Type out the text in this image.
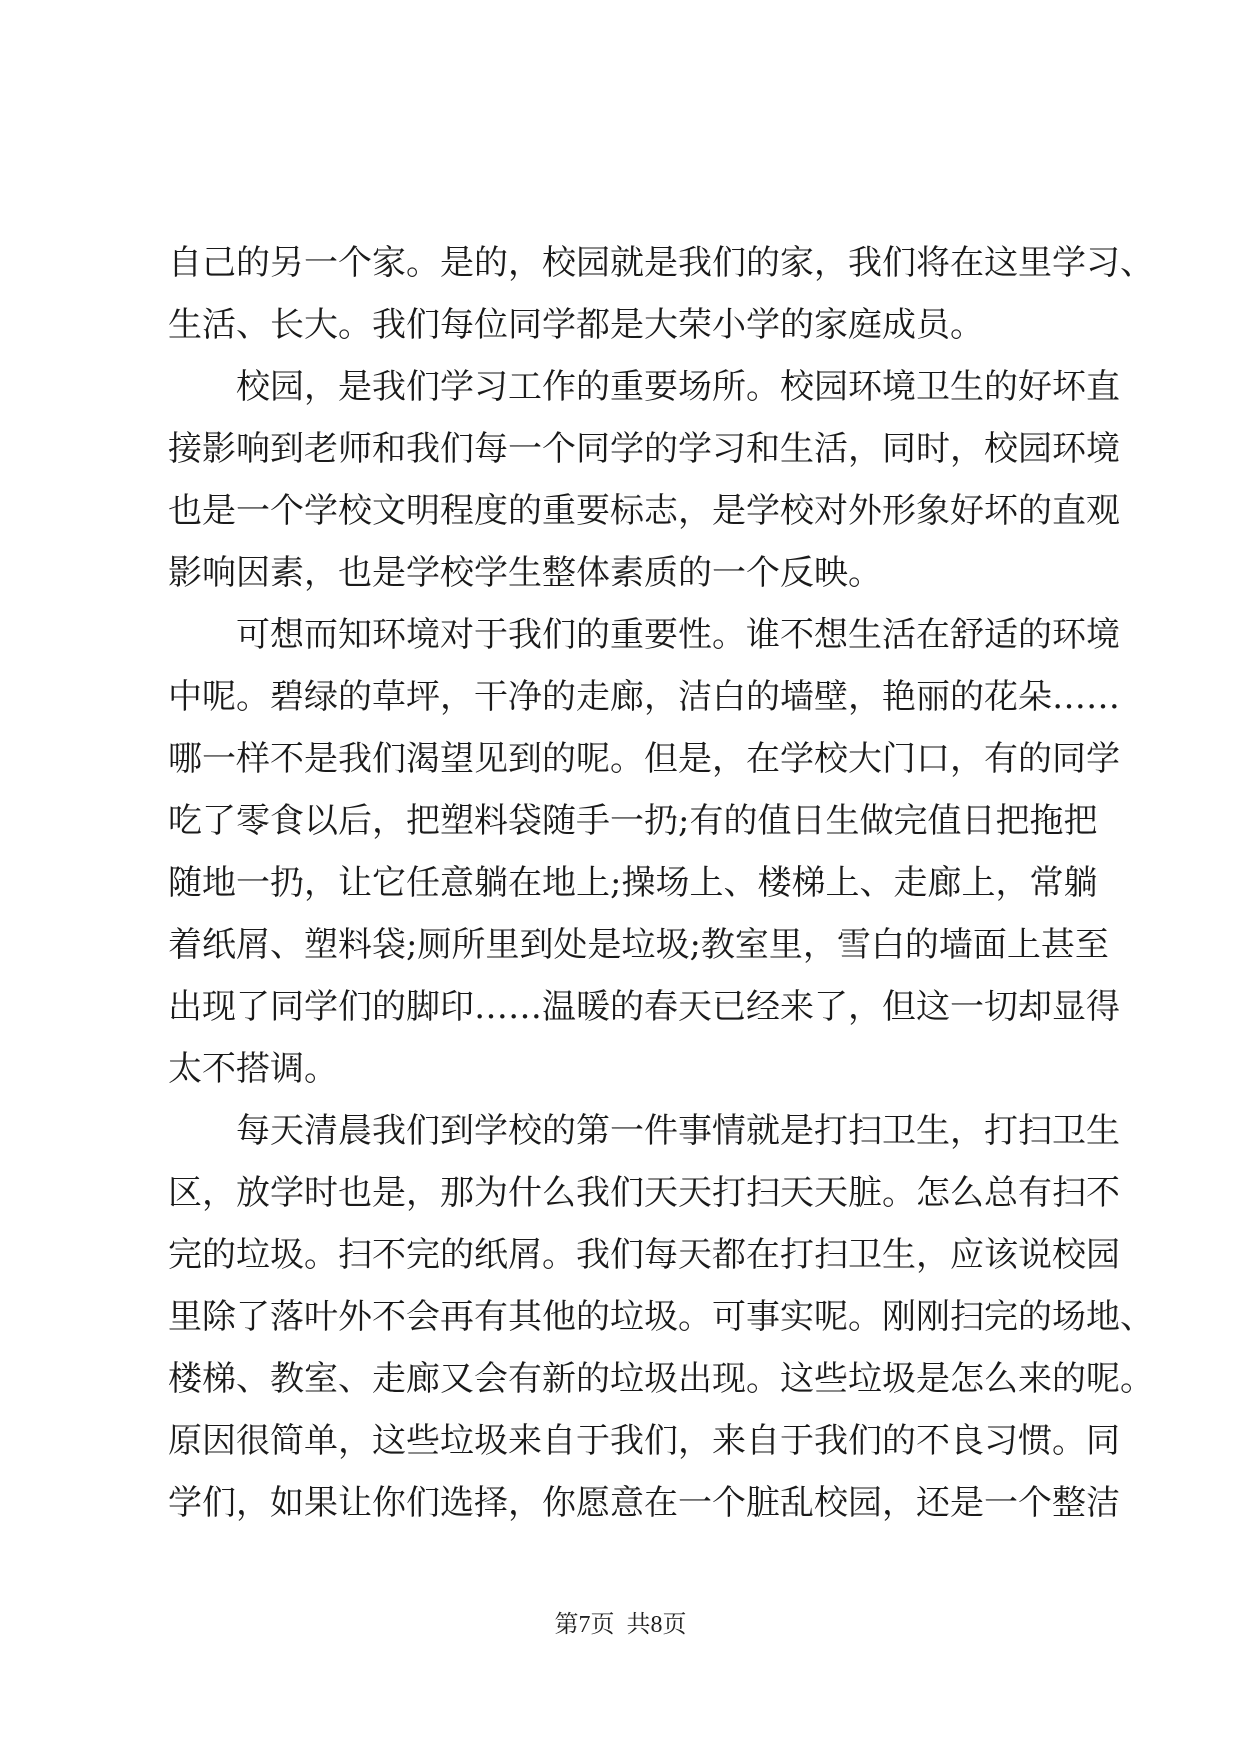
自己的另一个家。是的，校园就是我们的家，我们将在这里学习、
生活、长大。我们每位同学都是大荣小学的家庭成员。
校园，是我们学习工作的重要场所。校园环境卫生的好坏直
接影响到老师和我们每一个同学的学习和生活，同时，校园环境
也是一个学校文明程度的重要标志，是学校对外形象好坏的直观
影响因素，也是学校学生整体素质的一个反映。
可想而知环境对于我们的重要性。谁不想生活在舒适的环境
中呢。碧绿的草坪，干净的走廊，洁白的墙壁，艳丽的花朵……
哪一样不是我们渴望见到的呢。但是，在学校大门口，有的同学
吃了零食以后，把塑料袋随手一扔;有的值日生做完值日把拖把
随地一扔，让它任意躺在地上;操场上、楼梯上、走廊上，常躺
着纸屑、塑料袋;厕所里到处是垃圾;教室里，雪白的墙面上甚至
出现了同学们的脚印……温暖的春天已经来了，但这一切却显得
太不搭调。
每天清晨我们到学校的第一件事情就是打扫卫生，打扫卫生
区，放学时也是，那为什么我们天天打扫天天脏。怎么总有扫不
完的垃圾。扫不完的纸屑。我们每天都在打扫卫生，应该说校园
里除了落叶外不会再有其他的垃圾。可事实呢。刚刚扫完的场地、
楼梯、教室、走廊又会有新的垃圾出现。这些垃圾是怎么来的呢。
原因很简单，这些垃圾来自于我们，来自于我们的不良习惯。同
学们，如果让你们选择，你愿意在一个脏乱校园，还是一个整洁
第7页 共8页
